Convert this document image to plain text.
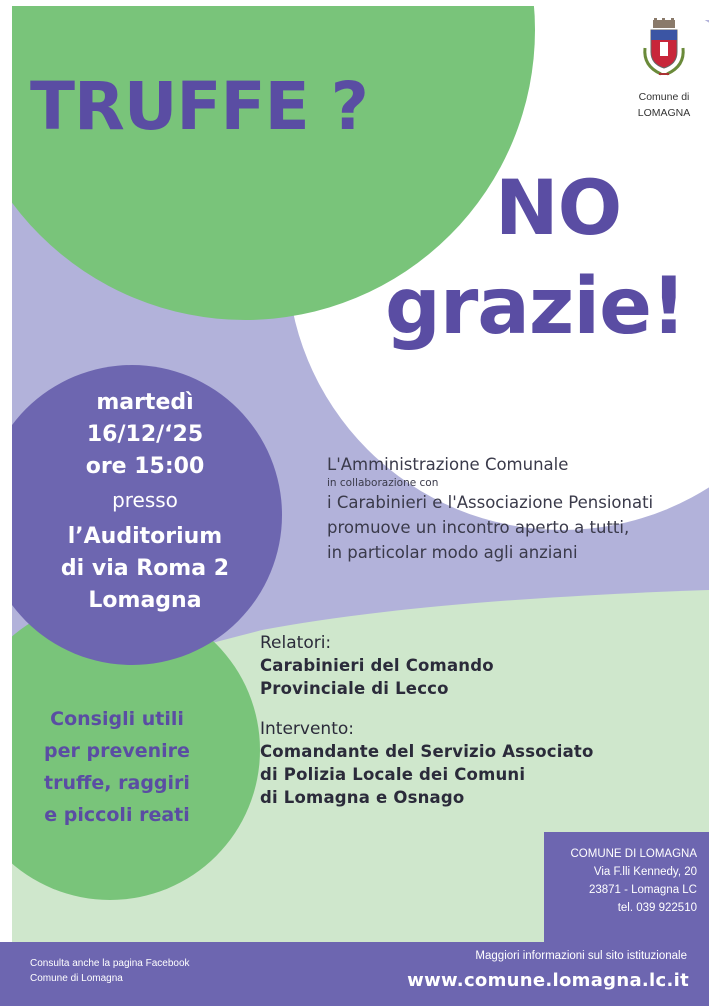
TRUFFE ?
NO
grazie!
Comune di
LOMAGNA
martedì
16/12/‘25
ore 15:00
presso
l’Auditorium
di via Roma 2
Lomagna
L'Amministrazione Comunale
in collaborazione con
i Carabinieri e l'Associazione Pensionati
promuove un incontro aperto a tutti,
in particolar modo agli anziani
Relatori:
Carabinieri del Comando
Provinciale di Lecco
Intervento:
Comandante del Servizio Associato
di Polizia Locale dei Comuni
di Lomagna e Osnago
Consigli utili
per prevenire
truffe, raggiri
e piccoli reati
COMUNE DI LOMAGNA
Via F.lli Kennedy, 20
23871 - Lomagna LC
tel. 039 922510
Consulta anche la pagina Facebook
Comune di Lomagna
Maggiori informazioni sul sito istituzionale
www.comune.lomagna.lc.it
